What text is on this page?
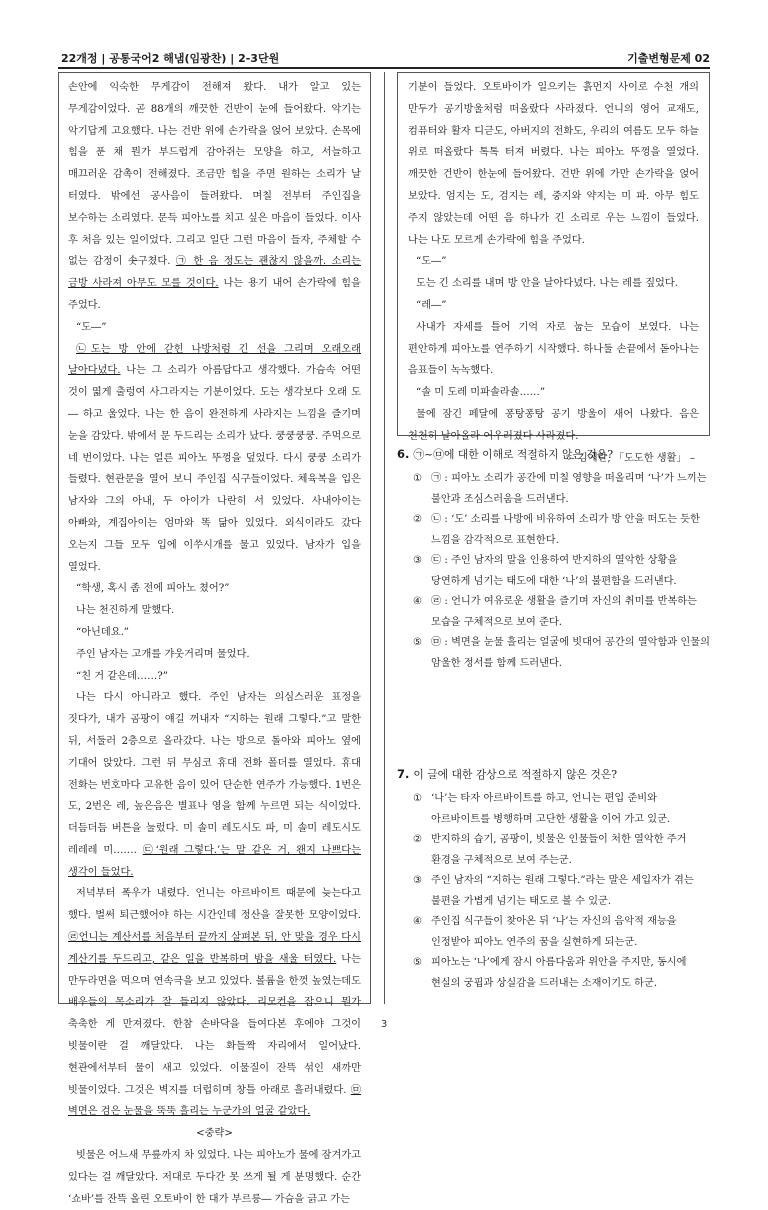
22개정 | 공통국어2 해냄(임광찬) | 2-3단원	기출변형문제 02

손안에 익숙한 무게감이 전해져 왔다. 내가 알고 있는 무게감이었다. 곧 88개의 깨끗한 건반이 눈에 들어왔다. 악기는 악기답게 고요했다. 나는 건반 위에 손가락을 얹어 보았다. 손목에 힘을 푼 채 뭔가 부드럽게 감아쥐는 모양을 하고, 서늘하고 매끄러운 감촉이 전해졌다. 조금만 힘을 주면 원하는 소리가 날 터였다. 밖에선 공사음이 들려왔다. 며칠 전부터 주인집을 보수하는 소리였다. 문득 피아노를 치고 싶은 마음이 들었다. 이사 후 처음 있는 일이었다. 그리고 일단 그런 마음이 들자, 주체할 수 없는 감정이 솟구쳤다. ㉠ 한 음 정도는 괜찮지 않을까. 소리는 금방 사라져 아무도 모를 것이다. 나는 용기 내어 손가락에 힘을 주었다.

“도―”

㉡도는 방 안에 갇힌 나방처럼 긴 선을 그리며 오래오래 날아다녔다. 나는 그 소리가 아름답다고 생각했다. 가슴속 어떤 것이 엷게 출렁여 사그라지는 기분이었다. 도는 생각보다 오래 도― 하고 울었다. 나는 한 음이 완전하게 사라지는 느낌을 즐기며 눈을 감았다. 밖에서 문 두드리는 소리가 났다. 쿵쿵쿵쿵. 주먹으로 네 번이었다. 나는 얼른 피아노 뚜껑을 덮었다. 다시 쿵쿵 소리가 들렸다. 현관문을 열어 보니 주인집 식구들이었다. 체육복을 입은 남자와 그의 아내, 두 아이가 나란히 서 있었다. 사내아이는 아빠와, 계집아이는 엄마와 똑 닮아 있었다. 외식이라도 갔다 오는지 그들 모두 입에 이쑤시개를 물고 있었다. 남자가 입을 열었다.

“학생, 혹시 좀 전에 피아노 쳤어?”

나는 천진하게 말했다.

“아닌데요.”

주인 남자는 고개를 갸웃거리며 물었다.

“친 거 같은데……?”

나는 다시 아니라고 했다. 주인 남자는 의심스러운 표정을 짓다가, 내가 곰팡이 얘길 꺼내자 “지하는 원래 그렇다.”고 말한 뒤, 서둘러 2층으로 올라갔다. 나는 방으로 돌아와 피아노 옆에 기대어 앉았다. 그런 뒤 무심코 휴대 전화 폴더를 열었다. 휴대 전화는 번호마다 고유한 음이 있어 단순한 연주가 가능했다. 1번은 도, 2번은 레, 높은음은 별표나 영을 함께 누르면 되는 식이었다. 더듬더듬 버튼을 눌렀다. 미 솔미 레도시도 파, 미 솔미 레도시도 레레레 미……. ㉢‘원래 그렇다.’는 말 같은 거, 왠지 나쁘다는 생각이 들었다.

저녁부터 폭우가 내렸다. 언니는 아르바이트 때문에 늦는다고 했다. 벌써 퇴근했어야 하는 시간인데 정산을 잘못한 모양이었다. ㉣언니는 계산서를 처음부터 끝까지 살펴본 뒤, 안 맞을 경우 다시 계산기를 두드리고, 같은 일을 반복하며 밤을 새울 터였다. 나는 만두라면을 먹으며 연속극을 보고 있었다. 볼륨을 한껏 높였는데도 배우들의 목소리가 잘 들리지 않았다. 리모컨을 잡으니 뭔가 축축한 게 만져졌다. 한참 손바닥을 들여다본 후에야 그것이 빗물이란 걸 깨달았다. 나는 화들짝 자리에서 일어났다. 현관에서부터 물이 새고 있었다. 이물질이 잔뜩 섞인 새까만 빗물이었다. 그것은 벽지를 더럽히며 창틀 아래로 흘러내렸다. ㉤벽면은 검은 눈물을 뚝뚝 흘리는 누군가의 얼굴 같았다.

<중략>

빗물은 어느새 무릎까지 차 있었다. 나는 피아노가 물에 잠겨가고 있다는 걸 깨달았다. 저대로 두다간 못 쓰게 될 게 분명했다. 순간 ‘쇼바’를 잔뜩 올린 오토바이 한 대가 부르릉― 가슴을 긁고 가는

기분이 들었다. 오토바이가 일으키는 흙먼지 사이로 수천 개의 만두가 공기방울처럼 떠올랐다 사라졌다. 언니의 영어 교재도, 컴퓨터와 활자 디귿도, 아버지의 전화도, 우리의 여름도 모두 하늘 위로 떠올랐다 톡톡 터져 버렸다. 나는 피아노 뚜껑을 열었다. 깨끗한 건반이 한눈에 들어왔다. 건반 위에 가만 손가락을 얹어 보았다. 엄지는 도, 검지는 레, 중지와 약지는 미 파. 아무 힘도 주지 않았는데 어떤 음 하나가 긴 소리로 우는 느낌이 들었다. 나는 나도 모르게 손가락에 힘을 주었다.

“도―”

도는 긴 소리를 내며 방 안을 날아다녔다. 나는 레를 짚었다.

“레―”

사내가 자세를 틀어 기억 자로 눕는 모습이 보였다. 나는 편안하게 피아노를 연주하기 시작했다. 하나둘 손끝에서 돋아나는 음표들이 녹녹했다.

“솔 미 도레 미파솔라솔……”

물에 잠긴 페달에 퐁탕퐁탕 공기 방울이 새어 나왔다. 음은 천천히 날아올라 어우러졌다 사라졌다.

– 김애란, 「도도한 생활」 –

6. ㉠~㉤에 대한 이해로 적절하지 않은 것은?
① ㉠ : 피아노 소리가 공간에 미칠 영향을 떠올리며 ‘나’가 느끼는 불안과 조심스러움을 드러낸다.
② ㉡ : ‘도’ 소리를 나방에 비유하여 소리가 방 안을 떠도는 듯한 느낌을 감각적으로 표현한다.
③ ㉢ : 주인 남자의 말을 인용하여 반지하의 열악한 상황을 당연하게 넘기는 태도에 대한 ‘나’의 불편함을 드러낸다.
④ ㉣ : 언니가 여유로운 생활을 즐기며 자신의 취미를 반복하는 모습을 구체적으로 보여 준다.
⑤ ㉤ : 벽면을 눈물 흘리는 얼굴에 빗대어 공간의 열악함과 인물의 암울한 정서를 함께 드러낸다.
7. 이 글에 대한 감상으로 적절하지 않은 것은?
① ‘나’는 타자 아르바이트를 하고, 언니는 편입 준비와 아르바이트를 병행하며 고단한 생활을 이어 가고 있군.
② 반지하의 습기, 곰팡이, 빗물은 인물들이 처한 열악한 주거 환경을 구체적으로 보여 주는군.
③ 주인 남자의 “지하는 원래 그렇다.”라는 말은 세입자가 겪는 불편을 가볍게 넘기는 태도로 볼 수 있군.
④ 주인집 식구들이 찾아온 뒤 ‘나’는 자신의 음악적 재능을 인정받아 피아노 연주의 꿈을 실현하게 되는군.
⑤ 피아노는 ‘나’에게 잠시 아름다움과 위안을 주지만, 동시에 현실의 궁핍과 상실감을 드러내는 소재이기도 하군.
3
